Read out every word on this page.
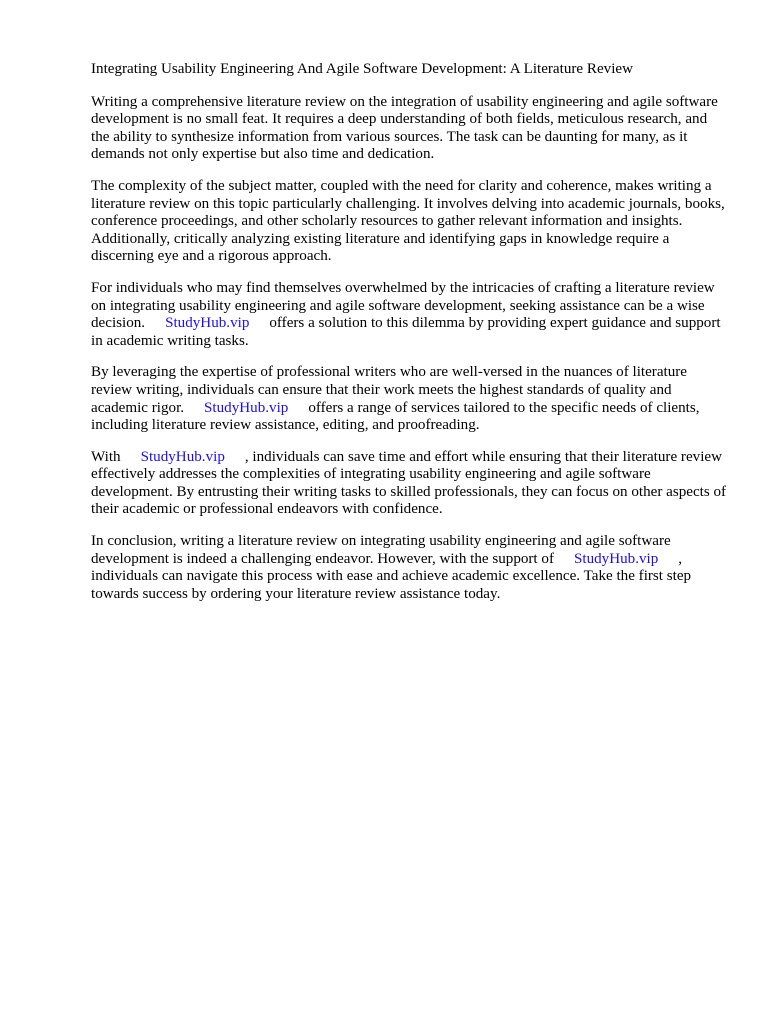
Integrating Usability Engineering And Agile Software Development: A Literature Review

Writing a comprehensive literature review on the integration of usability engineering and agile software development is no small feat. It requires a deep understanding of both fields, meticulous research, and the ability to synthesize information from various sources. The task can be daunting for many, as it demands not only expertise but also time and dedication.

The complexity of the subject matter, coupled with the need for clarity and coherence, makes writing a literature review on this topic particularly challenging. It involves delving into academic journals, books, conference proceedings, and other scholarly resources to gather relevant information and insights. Additionally, critically analyzing existing literature and identifying gaps in knowledge require a discerning eye and a rigorous approach.

For individuals who may find themselves overwhelmed by the intricacies of crafting a literature review on integrating usability engineering and agile software development, seeking assistance can be a wise decision. StudyHub.vip offers a solution to this dilemma by providing expert guidance and support in academic writing tasks.

By leveraging the expertise of professional writers who are well-versed in the nuances of literature review writing, individuals can ensure that their work meets the highest standards of quality and academic rigor. StudyHub.vip offers a range of services tailored to the specific needs of clients, including literature review assistance, editing, and proofreading.

With StudyHub.vip , individuals can save time and effort while ensuring that their literature review effectively addresses the complexities of integrating usability engineering and agile software development. By entrusting their writing tasks to skilled professionals, they can focus on other aspects of their academic or professional endeavors with confidence.

In conclusion, writing a literature review on integrating usability engineering and agile software development is indeed a challenging endeavor. However, with the support of StudyHub.vip , individuals can navigate this process with ease and achieve academic excellence. Take the first step towards success by ordering your literature review assistance today.
